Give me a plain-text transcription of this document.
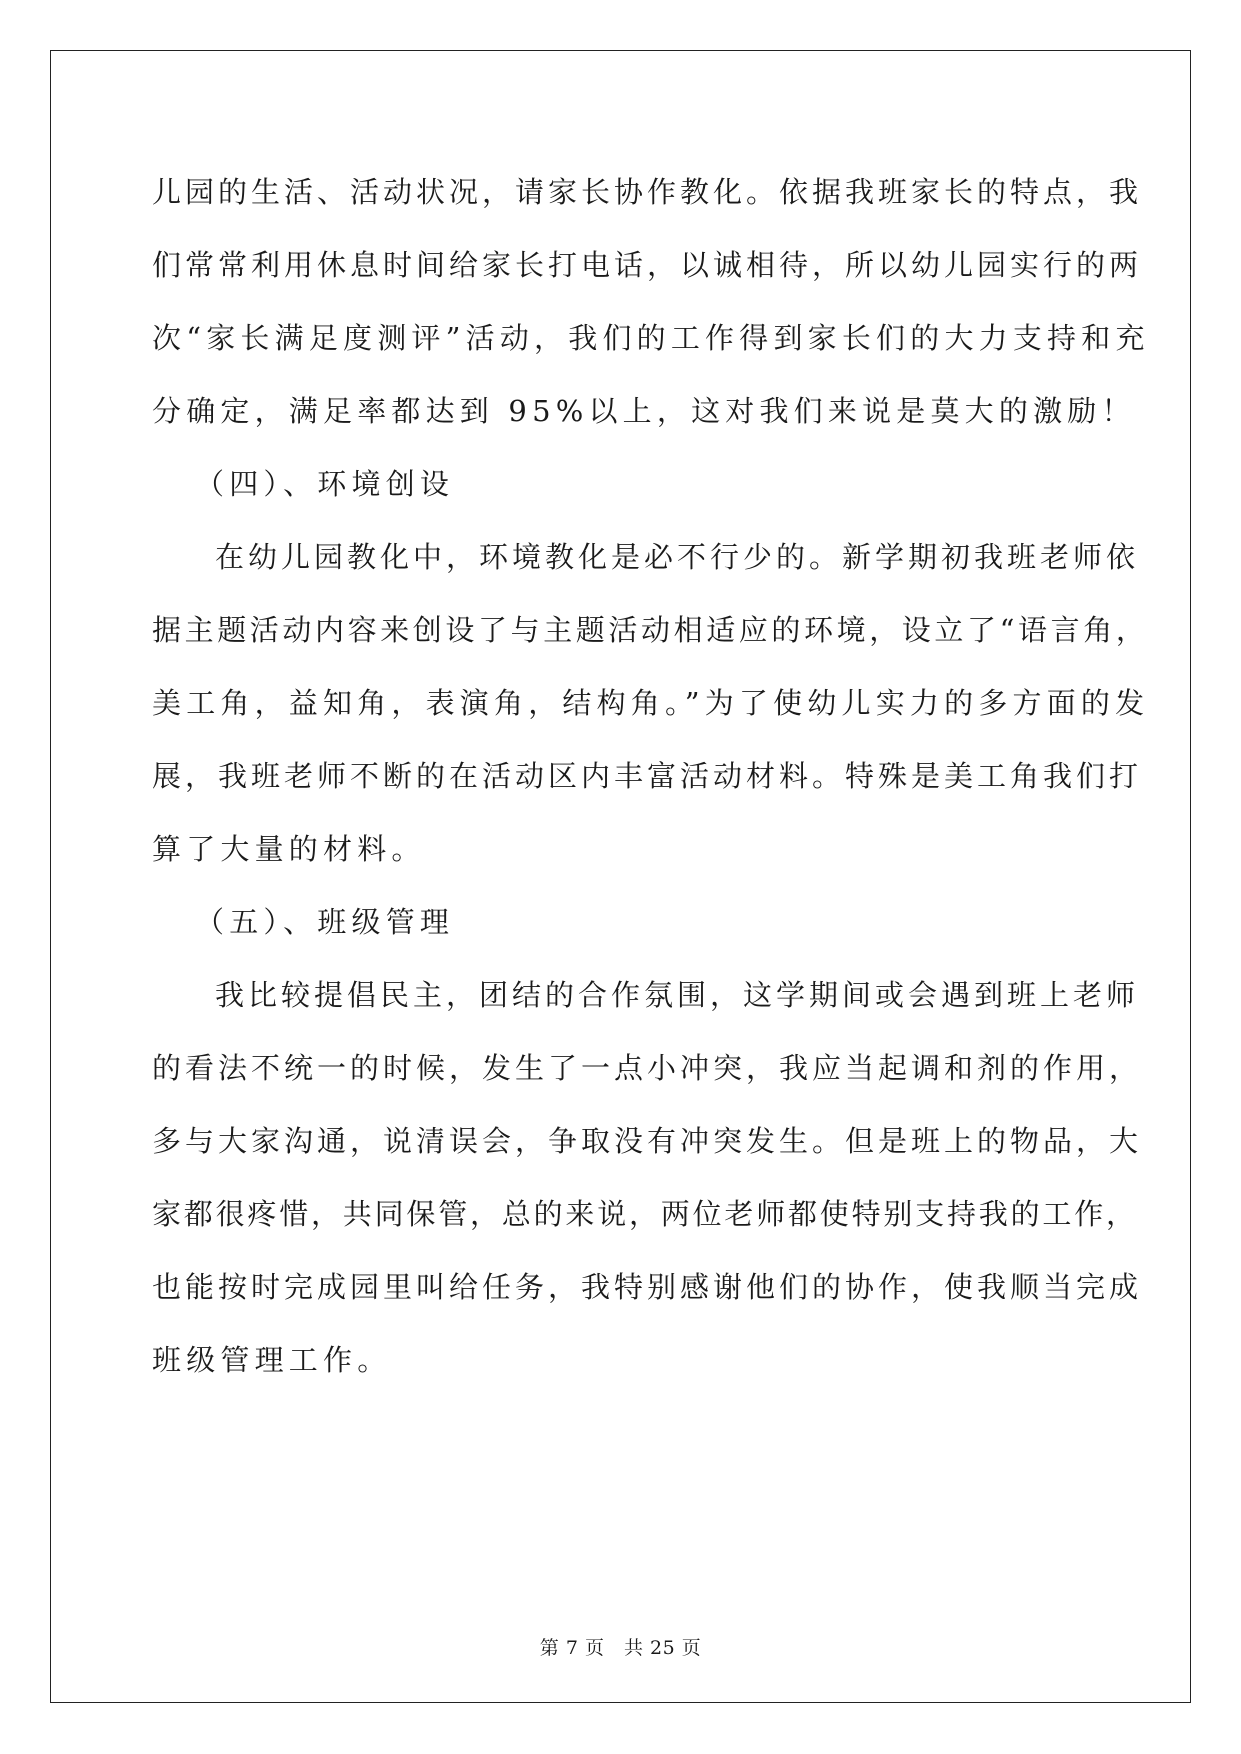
儿园的生活、活动状况，请家长协作教化。依据我班家长的特点，我
们常常利用休息时间给家长打电话，以诚相待，所以幼儿园实行的两
次“家长满足度测评”活动，我们的工作得到家长们的大力支持和充
分确定，满足率都达到 95%以上，这对我们来说是莫大的激励！
（四）、环境创设
在幼儿园教化中，环境教化是必不行少的。新学期初我班老师依
据主题活动内容来创设了与主题活动相适应的环境，设立了“语言角，
美工角，益知角，表演角，结构角。”为了使幼儿实力的多方面的发
展，我班老师不断的在活动区内丰富活动材料。特殊是美工角我们打
算了大量的材料。
（五）、班级管理
我比较提倡民主，团结的合作氛围，这学期间或会遇到班上老师
的看法不统一的时候，发生了一点小冲突，我应当起调和剂的作用，
多与大家沟通，说清误会，争取没有冲突发生。但是班上的物品，大
家都很疼惜，共同保管，总的来说，两位老师都使特别支持我的工作，
也能按时完成园里叫给任务，我特别感谢他们的协作，使我顺当完成
班级管理工作。
第 7 页　共 25 页
